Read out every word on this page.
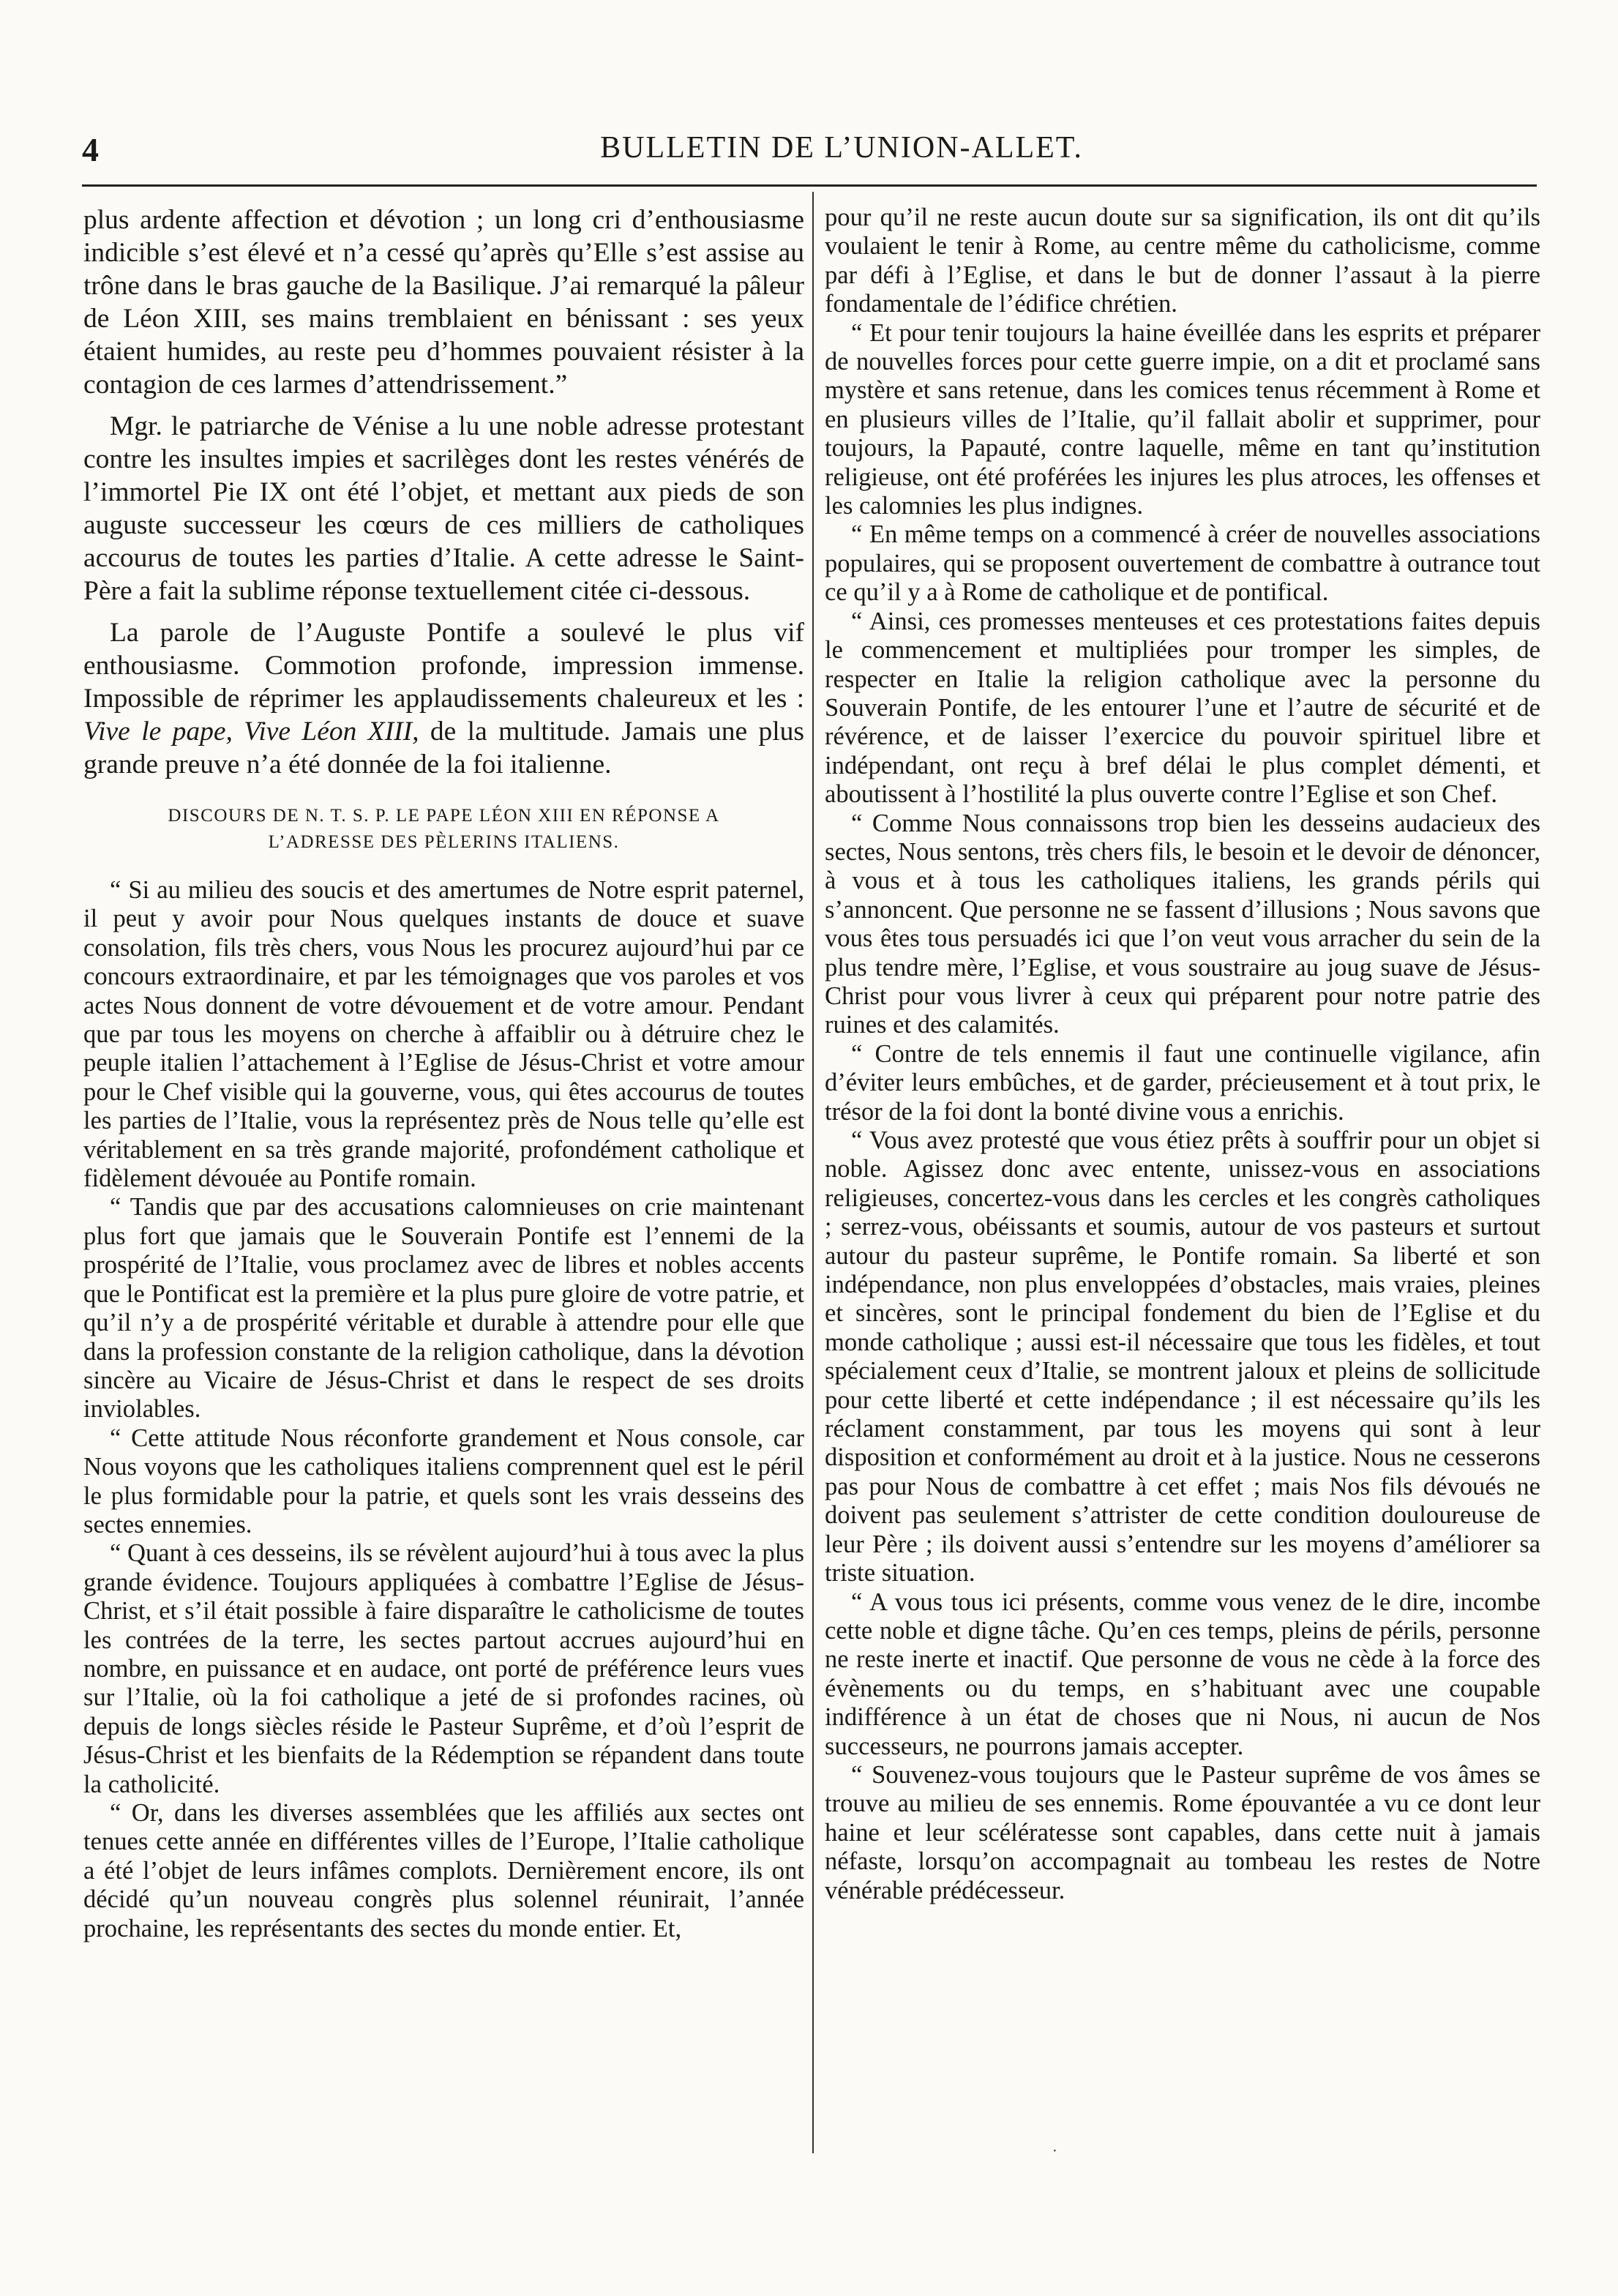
4	BULLETIN DE L’UNION-ALLET.

plus ardente affection et dévotion ; un long cri d’enthousiasme indicible s’est élevé et n’a cessé qu’après qu’Elle s’est assise au trône dans le bras gauche de la Basilique. J’ai remarqué la pâleur de Léon XIII, ses mains tremblaient en bénissant : ses yeux étaient humides, au reste peu d’hommes pouvaient résister à la contagion de ces larmes d’attendrissement.”

Mgr. le patriarche de Vénise a lu une noble adresse protestant contre les insultes impies et sacrilèges dont les restes vénérés de l’immortel Pie IX ont été l’objet, et mettant aux pieds de son auguste successeur les cœurs de ces milliers de catholiques accourus de toutes les parties d’Italie. A cette adresse le Saint-Père a fait la sublime réponse textuellement citée ci-dessous.

La parole de l’Auguste Pontife a soulevé le plus vif enthousiasme. Commotion profonde, impression immense. Impossible de réprimer les applaudissements chaleureux et les : Vive le pape, Vive Léon XIII, de la multitude. Jamais une plus grande preuve n’a été donnée de la foi italienne.

DISCOURS DE N. T. S. P. LE PAPE LÉON XIII EN RÉPONSE A
L’ADRESSE DES PÈLERINS ITALIENS.

“ Si au milieu des soucis et des amertumes de Notre esprit paternel, il peut y avoir pour Nous quelques instants de douce et suave consolation, fils très chers, vous Nous les procurez aujourd’hui par ce concours extraordinaire, et par les témoignages que vos paroles et vos actes Nous donnent de votre dévouement et de votre amour. Pendant que par tous les moyens on cherche à affaiblir ou à détruire chez le peuple italien l’attachement à l’Eglise de Jésus-Christ et votre amour pour le Chef visible qui la gouverne, vous, qui êtes accourus de toutes les parties de l’Italie, vous la représentez près de Nous telle qu’elle est véritablement en sa très grande majorité, profondément catholique et fidèlement dévouée au Pontife romain.

“ Tandis que par des accusations calomnieuses on crie maintenant plus fort que jamais que le Souverain Pontife est l’ennemi de la prospérité de l’Italie, vous proclamez avec de libres et nobles accents que le Pontificat est la première et la plus pure gloire de votre patrie, et qu’il n’y a de prospérité véritable et durable à attendre pour elle que dans la profession constante de la religion catholique, dans la dévotion sincère au Vicaire de Jésus-Christ et dans le respect de ses droits inviolables.

“ Cette attitude Nous réconforte grandement et Nous console, car Nous voyons que les catholiques italiens comprennent quel est le péril le plus formidable pour la patrie, et quels sont les vrais desseins des sectes ennemies.

“ Quant à ces desseins, ils se révèlent aujourd’hui à tous avec la plus grande évidence. Toujours appliquées à combattre l’Eglise de Jésus-Christ, et s’il était possible à faire disparaître le catholicisme de toutes les contrées de la terre, les sectes partout accrues aujourd’hui en nombre, en puissance et en audace, ont porté de préférence leurs vues sur l’Italie, où la foi catholique a jeté de si profondes racines, où depuis de longs siècles réside le Pasteur Suprême, et d’où l’esprit de Jésus-Christ et les bienfaits de la Rédemption se répandent dans toute la catholicité.

“ Or, dans les diverses assemblées que les affiliés aux sectes ont tenues cette année en différentes villes de l’Europe, l’Italie catholique a été l’objet de leurs infâmes complots. Dernièrement encore, ils ont décidé qu’un nouveau congrès plus solennel réunirait, l’année prochaine, les représentants des sectes du monde entier. Et,

pour qu’il ne reste aucun doute sur sa signification, ils ont dit qu’ils voulaient le tenir à Rome, au centre même du catholicisme, comme par défi à l’Eglise, et dans le but de donner l’assaut à la pierre fondamentale de l’édifice chrétien.

“ Et pour tenir toujours la haine éveillée dans les esprits et préparer de nouvelles forces pour cette guerre impie, on a dit et proclamé sans mystère et sans retenue, dans les comices tenus récemment à Rome et en plusieurs villes de l’Italie, qu’il fallait abolir et supprimer, pour toujours, la Papauté, contre laquelle, même en tant qu’institution religieuse, ont été proférées les injures les plus atroces, les offenses et les calomnies les plus indignes.

“ En même temps on a commencé à créer de nouvelles associations populaires, qui se proposent ouvertement de combattre à outrance tout ce qu’il y a à Rome de catholique et de pontifical.

“ Ainsi, ces promesses menteuses et ces protestations faites depuis le commencement et multipliées pour tromper les simples, de respecter en Italie la religion catholique avec la personne du Souverain Pontife, de les entourer l’une et l’autre de sécurité et de révérence, et de laisser l’exercice du pouvoir spirituel libre et indépendant, ont reçu à bref délai le plus complet démenti, et aboutissent à l’hostilité la plus ouverte contre l’Eglise et son Chef.

“ Comme Nous connaissons trop bien les desseins audacieux des sectes, Nous sentons, très chers fils, le besoin et le devoir de dénoncer, à vous et à tous les catholiques italiens, les grands périls qui s’annoncent. Que personne ne se fassent d’illusions ; Nous savons que vous êtes tous persuadés ici que l’on veut vous arracher du sein de la plus tendre mère, l’Eglise, et vous soustraire au joug suave de Jésus-Christ pour vous livrer à ceux qui préparent pour notre patrie des ruines et des calamités.

“ Contre de tels ennemis il faut une continuelle vigilance, afin d’éviter leurs embûches, et de garder, précieusement et à tout prix, le trésor de la foi dont la bonté divine vous a enrichis.

“ Vous avez protesté que vous étiez prêts à souffrir pour un objet si noble. Agissez donc avec entente, unissez-vous en associations religieuses, concertez-vous dans les cercles et les congrès catholiques ; serrez-vous, obéissants et soumis, autour de vos pasteurs et surtout autour du pasteur suprême, le Pontife romain. Sa liberté et son indépendance, non plus enveloppées d’obstacles, mais vraies, pleines et sincères, sont le principal fondement du bien de l’Eglise et du monde catholique ; aussi est-il nécessaire que tous les fidèles, et tout spécialement ceux d’Italie, se montrent jaloux et pleins de sollicitude pour cette liberté et cette indépendance ; il est nécessaire qu’ils les réclament constamment, par tous les moyens qui sont à leur disposition et conformément au droit et à la justice. Nous ne cesserons pas pour Nous de combattre à cet effet ; mais Nos fils dévoués ne doivent pas seulement s’attrister de cette condition douloureuse de leur Père ; ils doivent aussi s’entendre sur les moyens d’améliorer sa triste situation.

“ A vous tous ici présents, comme vous venez de le dire, incombe cette noble et digne tâche. Qu’en ces temps, pleins de périls, personne ne reste inerte et inactif. Que personne de vous ne cède à la force des évènements ou du temps, en s’habituant avec une coupable indifférence à un état de choses que ni Nous, ni aucun de Nos successeurs, ne pourrons jamais accepter.

“ Souvenez-vous toujours que le Pasteur suprême de vos âmes se trouve au milieu de ses ennemis. Rome épouvantée a vu ce dont leur haine et leur scélératesse sont capables, dans cette nuit à jamais néfaste, lorsqu’on accompagnait au tombeau les restes de Notre vénérable prédécesseur.

·
